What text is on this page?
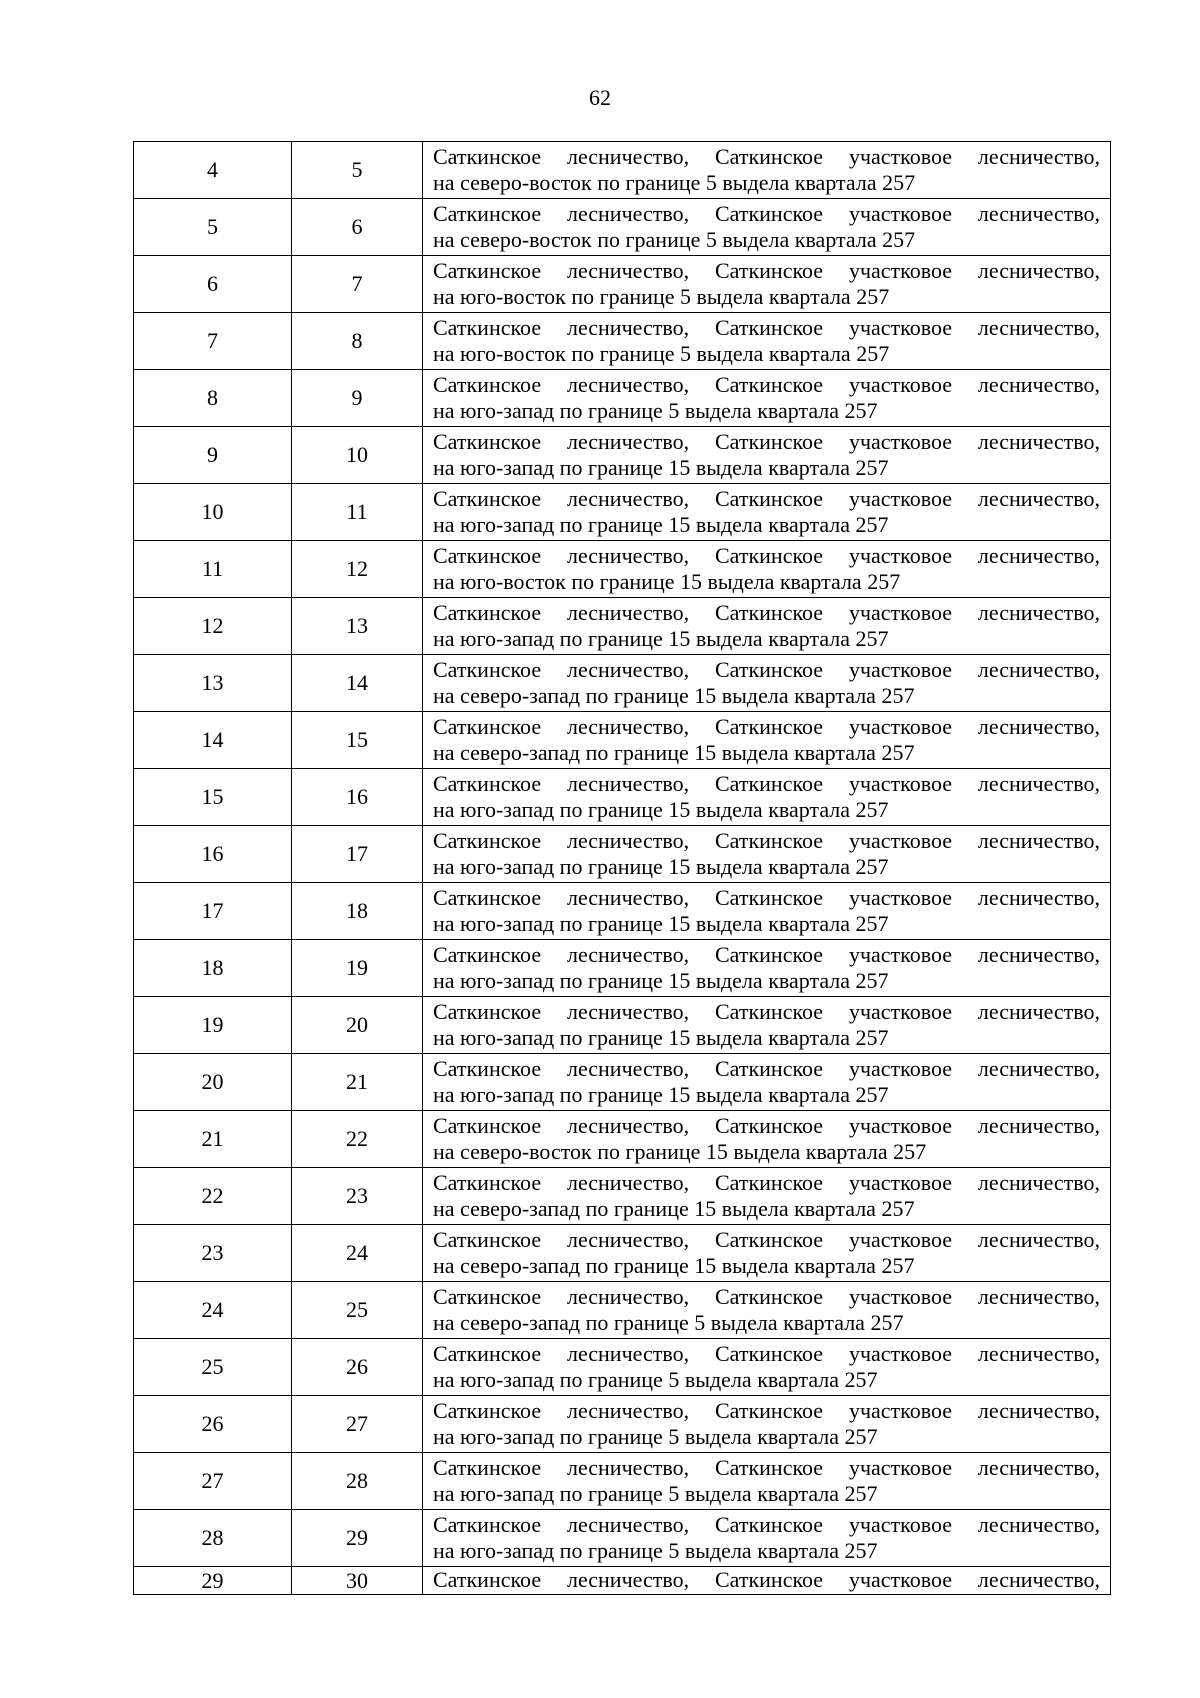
62
4	5	Саткинское лесничество, Саткинское участковое лесничество,
на северо-восток по границе 5 выдела квартала 257

5	6	Саткинское лесничество, Саткинское участковое лесничество,
на северо-восток по границе 5 выдела квартала 257

6	7	Саткинское лесничество, Саткинское участковое лесничество,
на юго-восток по границе 5 выдела квартала 257

7	8	Саткинское лесничество, Саткинское участковое лесничество,
на юго-восток по границе 5 выдела квартала 257

8	9	Саткинское лесничество, Саткинское участковое лесничество,
на юго-запад по границе 5 выдела квартала 257

9	10	Саткинское лесничество, Саткинское участковое лесничество,
на юго-запад по границе 15 выдела квартала 257

10	11	Саткинское лесничество, Саткинское участковое лесничество,
на юго-запад по границе 15 выдела квартала 257

11	12	Саткинское лесничество, Саткинское участковое лесничество,
на юго-восток по границе 15 выдела квартала 257

12	13	Саткинское лесничество, Саткинское участковое лесничество,
на юго-запад по границе 15 выдела квартала 257

13	14	Саткинское лесничество, Саткинское участковое лесничество,
на северо-запад по границе 15 выдела квартала 257

14	15	Саткинское лесничество, Саткинское участковое лесничество,
на северо-запад по границе 15 выдела квартала 257

15	16	Саткинское лесничество, Саткинское участковое лесничество,
на юго-запад по границе 15 выдела квартала 257

16	17	Саткинское лесничество, Саткинское участковое лесничество,
на юго-запад по границе 15 выдела квартала 257

17	18	Саткинское лесничество, Саткинское участковое лесничество,
на юго-запад по границе 15 выдела квартала 257

18	19	Саткинское лесничество, Саткинское участковое лесничество,
на юго-запад по границе 15 выдела квартала 257

19	20	Саткинское лесничество, Саткинское участковое лесничество,
на юго-запад по границе 15 выдела квартала 257

20	21	Саткинское лесничество, Саткинское участковое лесничество,
на юго-запад по границе 15 выдела квартала 257

21	22	Саткинское лесничество, Саткинское участковое лесничество,
на северо-восток по границе 15 выдела квартала 257

22	23	Саткинское лесничество, Саткинское участковое лесничество,
на северо-запад по границе 15 выдела квартала 257

23	24	Саткинское лесничество, Саткинское участковое лесничество,
на северо-запад по границе 15 выдела квартала 257

24	25	Саткинское лесничество, Саткинское участковое лесничество,
на северо-запад по границе 5 выдела квартала 257

25	26	Саткинское лесничество, Саткинское участковое лесничество,
на юго-запад по границе 5 выдела квартала 257

26	27	Саткинское лесничество, Саткинское участковое лесничество,
на юго-запад по границе 5 выдела квартала 257

27	28	Саткинское лесничество, Саткинское участковое лесничество,
на юго-запад по границе 5 выдела квартала 257

28	29	Саткинское лесничество, Саткинское участковое лесничество,
на юго-запад по границе 5 выдела квартала 257

29	30	Саткинское лесничество, Саткинское участковое лесничество,
